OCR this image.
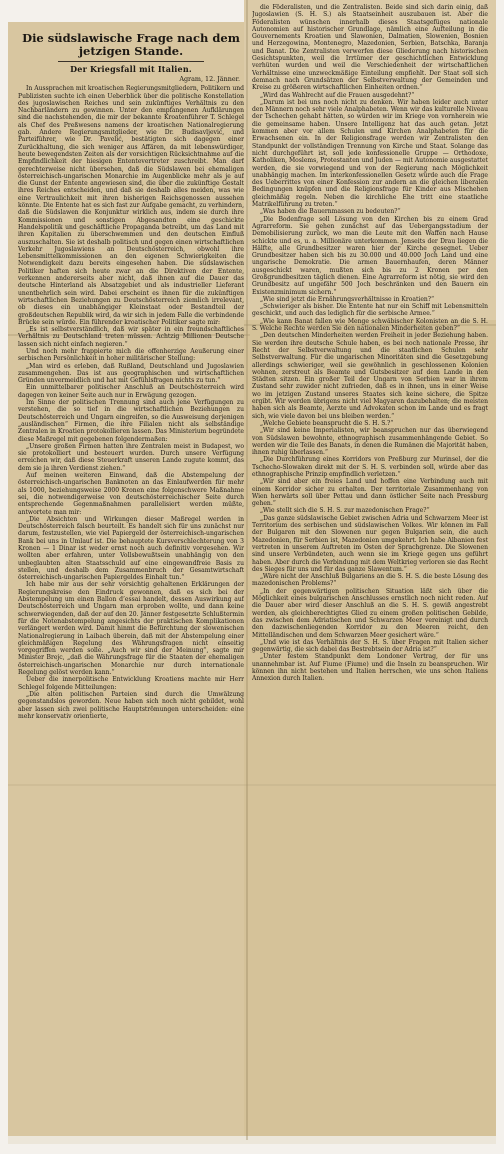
Die südslawische Frage nach dem jetzigen Stande.
Der Kriegsfall mit Italien.
Agram, 12. Jänner.

In Aussprachen mit kroatischen Regierungsmitgliedern, Politikern und Publizisten suchte ich einen Ueberblick über die politische Konstellation des jugoslawischen Reiches und sein zukünftiges Verhältnis zu den Nachbarländern zu gewinnen. Unter den empfangenen Aufklärungen sind die nachstehenden, die mir der bekannte Kroatenführer T. Schlegel als Chef des Preßwesens namens der kroatischen Nationalregierung gab. Andere Regierungsmitglieder, wie Dr. Budisavljević, und Parteiführer, wie Dr. Pavelić, bestätigten sich dagegen einer Zurückhaltung, die sich weniger aus Affären, da mit lebenswürdiger, heute bewegendsten Zeiten als der vorsichtigen Rücksichtnahme auf die Empfindlichkeit der hiesigen Ententevertreter zuschreibt. Man darf gerechterweise nicht übersehen, daß die Südslawen bei ehemaligen österreichisch-ungarischen Monarchie im Augenblicke mehr als je auf die Gunst der Entente angewiesen sind, die über die zukünftige Gestalt ihres Reiches entscheiden, und daß sie deshalb alles meiden, was wie eine Vertraulichkeit mit ihren bisherigen Reichsgenossen aussehen könnte. Die Entente hat es sich fast zur Aufgabe gemacht, zu verhindern, daß die Südslawen die Konjunktur wirklich aus, indem sie durch ihre Kommissionen und sonstigen Abgesandten eine geschickte Handelspolitik und geschäftliche Propaganda betreibt, um das Land mit ihren Kapitalien zu überschwemmen und den deutschen Einfluß auszuschalten. Sie ist deshalb politisch und gegen einen wirtschaftlichen Verkehr Jugoslawiens an Deutschösterreich, obwohl ihre Lebensmittelkommissionen an den eigenen Schwierigkeiten die Notwendigkeit dazu bereits eingesehen haben. Die südslawischen Politiker haften sich heute zwar an die Direktiven der Entente, verkennen andererseits aber nicht, daß ihnen auf die Dauer das deutsche Hinterland als Absatzgebiet und als industrieller Lieferant unentbehrlich sein wird. Dabei erscheint es ihnen für die zukünftigen wirtschaftlichen Beziehungen zu Deutschösterreich ziemlich irrelevant, ob dieses ein unabhängiger Kleinstaat oder Bestandteil der großdeutschen Republik wird, da wir sich in jedem Falle die verbindende Brücke sein würde. Ein führender kroatischer Politiker sagte mir:

„Es ist selbstverständlich, daß wir später in ein freundschaftliches Verhältnis zu Deutschland treten müssen. Achtzig Millionen Deutsche lassen sich nicht einfach negieren.“

Und noch mehr frappierte mich die offenherzige Aeußerung einer serbischen Persönlichkeit in hoher militärischer Stellung:

„Man wird es erleben, daß Rußland, Deutschland und Jugoslawien zusammengehen. Das ist aus geographischen und wirtschaftlichen Gründen unvermeidlich und hat mit Gefühlsfragen nichts zu tun.“

Ein unmittelbarer politischer Anschluß an Deutschösterreich wird dagegen von keiner Seite auch nur in Erwägung gezogen.

Im Sinne der politischen Trennung sind auch jene Verfügungen zu verstehen, die so tief in die wirtschaftlichen Beziehungen zu Deutschösterreich und Ungarn eingreifen, so die Ausweisung derjenigen „ausländischen“ Firmen, die ihre Filialen nicht als selbständige Zentralen in Kroatien protokollieren lassen. Das Ministerium begründete diese Maßregel mit gegebenen folgendermaßen:

„Unsere großen Firmen hatten ihre Zentralen meist in Budapest, wo sie protokolliert und besteuert wurden. Durch unsere Verfügung erreichen wir, daß diese Steuerkraft unseren Lande zugute kommt, das dem sie ja ihren Verdienst ziehen.“

Auf meinen weiteren Einwand, daß die Abstempelung der österreichisch-ungarischen Banknoten an das Einlaufwerden für mehr als 1000, beziehungsweise 2000 Kronen eine folgenschwere Maßnahme sei, die notwendigerweise von deutschösterreichischer Seite durch entsprechende Gegenmaßnahmen parallelisiert werden müßte, antwortete man mir:

„Die Absichten und Wirkungen dieser Maßregel werden in Deutschösterreich falsch beurteilt. Es handelt sich für uns zunächst nur darum, festzustellen, wie viel Papiergeld der österreichisch-ungarischen Bank bei uns in Umlauf ist. Die behauptete Kursverschlechterung von 3 Kronen — 1 Dinar ist weder ernst noch auch definitiv vorgesehen. Wir wollten aber erfahren, unter Vollsbewußtsein unabhängig von den unbeglaubten alten Staatsschuld auf eine eingewandfreie Basis zu stellen, und deshalb dem Zusammenbruch der Gesamtwirtschaft österreichisch-ungarischen Papiergeldes Einhalt tun.“

Ich habe mir aus der sehr vorsichtig gehaltenen Erklärungen der Regierungskreise den Eindruck gewonnen, daß es sich bei der Abstempelung um einen Ballon d’essai handelt, dessen Auswirkung auf Deutschösterreich und Ungarn man erproben wollte, und dann keine schwerwiegenden, daß der auf den 20. Jänner festgesetzte Schlußtermin für die Notenabstempelung angesichts der praktischen Komplikationen verlängert werden wird. Damit hinmt die Befürchtung der slowenischen Nationalregierung in Laibach überein, daß mit der Abstempelung einer gleichmäßigen Regelung des Währungsfragen nicht einseitig vorgegriffen werden solle. „Auch wir sind der Meinung“, sagte mir Minister Brejc, „daß die Währungsfrage für die Staaten der ehemaligen österreichisch-ungarischen Monarchie nur durch internationale Regelung gelöst werden kann.“

Ueber die innerpolitische Entwicklung Kroatiens machte mir Herr Schlegel folgende Mitteilungen:

„Die alten politischen Parteien sind durch die Umwälzung gegenstandslos geworden. Neue haben sich noch nicht gebildet, wohl aber lassen sich zwei politische Hauptströmungen unterscheiden: eine mehr konservativ orientierte,

die Föderalisten, und die Zentralisten. Beide sind sich darin einig, daß Jugoslawien (S. H. S.) als Staatseinheit auszubauen ist. Aber die Föderalisten wünschen innerhalb dieses Staatsgefüges nationale Autonomien auf historischer Grundlage, nämlich eine Aufteilung in die Gouvernements Kroatien und Slawonien, Dalmatien, Slowenien, Bosnien und Herzegowina, Montenegro, Mazedonien, Serbien, Batschka, Baranja und Banat. Die Zentralisten verwerfen diese Gliederung nach historischen Gesichtspunkten, weil die Irrtümer der geschichtlichen Entwicklung verhüten wurden und weil die Verschiedenheit der wirtschaftlichen Verhältnisse eine unzweckmäßige Einteilung empfiehlt. Der Staat soll sich demnach nach Grundsätzen der Selbstverwaltung der Gemeinden und Kreise zu größeren wirtschaftlichen Einheiten ordnen.“

„Wird das Wahlrecht auf die Frauen ausgedehnt?“

„Darum ist bei uns noch nicht zu denken. Wir haben leider auch unter den Männern noch sehr viele Analphabeten. Wenn wir das kulturelle Niveau der Tschechen gehabt hätten, so würden wir im Kriege von vornherein wie die gemeinsame haben. Unsere Intelligenz hat das auch getan. Jetzt kommen aber vor allem Schulen und Kirchen Analphabeten für die Erwachsenen ein. In der Religionsfrage werden wir Zentralisten den Standpunkt der vollständigen Trennung von Kirche und Staat. Solange das nicht durchgeführt ist, soll jede konfessionelle Gruppe — Orthodoxe, Katholiken, Moslems, Protestanten und Juden — mit Autonomie ausgestattet werden, die sie vorwiegend und von der Regierung nach Möglichkeit unabhängig machen. Im interkonfessionellen Gesetz würde auch die Frage des Ueberrittes von einer Konfession zur andern an die gleichen liberalen Bedingungen knüpfen und die Religionsfrage für Kinder aus Mischehen gleichmäßig regeln. Neben die kirchliche Ehe tritt eine staatliche Matrikelführung zu treten.“

„Was haben die Bauernmassen zu bedeuten?“

„Die Bodenfrage soll Lösung von den Kirchen bis zu einem Grad Agrarreform. Sie gehen zunächst auf das Uebergangsstadium der Demobilisierung zurück, wo man die Leute mit den Waffen nach Hause schickte und es, u. a. Millionäre unterkommen. Jenseits der Drau liegen die Hälfte, alle Grundbesitzer waren hier der Kirche gesegnet. Ueber Grundbesitzer haben sich bis zu 30.000 und 40.000 Joch Land und eine ungarische Demokratie. Die armen Bauernhaufen, deren Männer ausgeschickt waren, mußten sich bis zu 2 Kronen per den Großgrundbesitzen täglich dienen. Eine Agrarreform ist nötig, sie wird den Grundbesitz auf ungefähr 500 Joch beschränken und den Bauern ein Existenzminimum sichern.“

„Wie sind jetzt die Ernährungsverhältnisse in Kroatien?“

„Schwieriger als bisher. Die Entente hat nur ein Schiff mit Lebensmitteln geschickt, und auch das lediglich für die serbische Armee.“

„Wie kann Banat fallen wie Menge schwäbischer Kolonisten an die S. H. S. Welche Rechte werden Sie den nationalen Minderheiten geben?“

„Den deutschen Minderheiten werden Freiheit in jeder Beziehung haben. Sie werden ihre deutsche Schule haben, es bei noch nationale Presse, ihr Recht der Selbstverwaltung und die staatlichen Schulen sehr Selbstverwaltung. Für die ungarischen Minoritäten sind die Gesetzgebung allerdings schwieriger, weil sie gewöhnlich in geschlossenen Kolonien wohnen, zerstreut als Beamte und Gutsbesitzer auf dem Lande in den Städten sitzen. Ein großer Teil der Ungarn von Serbien war in ihrem Zustand sehr zuwider nicht zufrieden, daß es in ihnen, uns in einer Weise wo im jetzigen Zustand unseres Staates sich keine sichere, die Spitze ergibt. Wir werden übrigens nicht viel Magyaren dazubehalten; die meisten haben sich als Beamte, Aerzte und Advokaten schon im Lande und es fragt sich, wie viele davon bei uns bleiben werden.“

„Welche Gebiete beansprucht die S. H. S.?“

„Wir sind keine Imperialisten, wir beanspruchen nur das überwiegend von Südslawen bewohnte, ethnographisch zusammenhängende Gebiet. So werden wir die Teile des Banats, in denen die Rumänen die Majorität haben, ihnen ruhig überlassen.“

„Die Durchführung eines Korridors von Preßburg zur Murinsel, der die Tschecho-Slowaken direkt mit der S. H. S. verbinden soll, würde aber das ethnographische Prinzip empfindlich verletzen.“

„Wir sind aber ein freies Land und hoffen eine Verbindung auch mit einem Korridor sicher zu erhalten. Der territoriale Zusammenhang von Wien herwärts soll über Pettau und dann östlicher Seite nach Pressburg gehen.“

„Wie stellt sich die S. H. S. zur mazedonischen Frage?“

„Das ganze südslawische Gebiet zwischen Adria und Schwarzem Meer ist Territorium des serbischen und südslawischen Volkes. Wir können im Fall der Bulgaren mit den Slowenen nur gegen Bulgarien sein, die auch Mazedonien, für Serbien ist, Mazedonien umgekehrt. Ich habe Albanien fest vertreten in unserem Auftreten im Osten der Sprachgrenze. Die Slowenen sind unsere Verbündeten, auch wenn sie im Kriege gegen uns geführt haben. Aber durch die Verbindung mit dem Weltkrieg verloren sie das Recht des Sieges für uns und für das ganze Slawentum.“

„Wäre nicht der Anschluß Bulgariens an die S. H. S. die beste Lösung des mazedonischen Problems?“

„In der gegenwärtigen politischen Situation läßt sich über die Möglichkeit eines bulgarischen Anschlusses ernstlich noch nicht reden. Auf die Dauer aber wird dieser Anschluß an die S. H. S. gewiß angestrebt werden, als gleichberechtigtes Glied zu einem großen politischen Gebilde, das zwischen dem Adriatischen und Schwarzen Meer vereinigt und durch den dazwischenliegenden Korridor zu den Meeren reicht, den Mittelländischen und dem Schwarzen Meer gesichert wäre.“

„Und wie ist das Verhältnis der S. H. S. über Fragen mit Italien sicher gegenwärtig, die sich dabei das Bestrebtsein der Adria ist?“

„Unter festem Standpunkt dem Londoner Vertrag, der für uns unannehmbar ist. Auf Fiume (Fiume) und die Inseln zu beanspruchen. Wir können ihn nicht bestehen und Italien herrschen, wie uns schon Italiens Annexion durch Italien.
